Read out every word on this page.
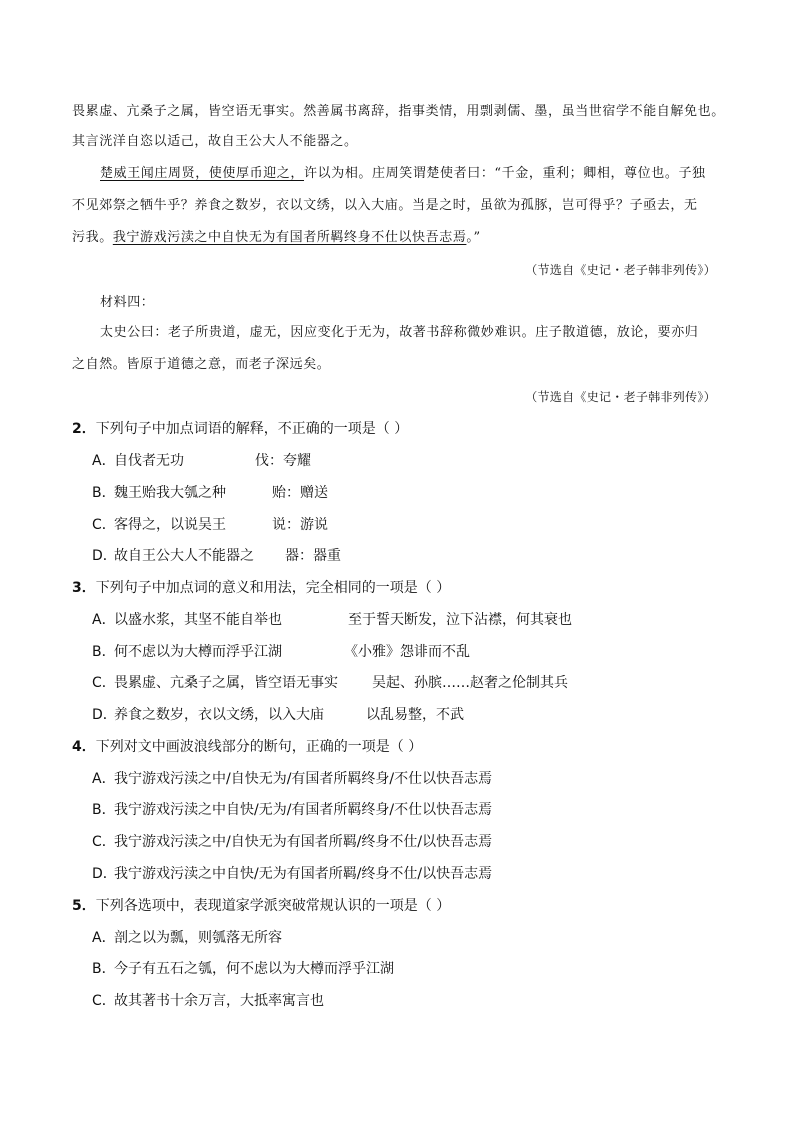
畏累虚、亢桑子之属，皆空语无事实。然善属书离辞，指事类情，用剽剥儒、墨，虽当世宿学不能自解免也。

其言洸洋自恣以适己，故自王公大人不能器之。

楚威王闻庄周贤，使使厚币迎之，许以为相。庄周笑谓楚使者曰：“千金，重利；卿相，尊位也。子独

不见郊祭之牺牛乎？养食之数岁，衣以文绣，以入大庙。当是之时，虽欲为孤豚，岂可得乎？子亟去，无

污我。我宁游戏污渎之中自快无为有国者所羁终身不仕以快吾志焉。”

（节选自《史记・老子韩非列传》）

材料四：

太史公曰：老子所贵道，虚无，因应变化于无为，故著书辞称微妙难识。庄子散道德，放论，要亦归

之自然。皆原于道德之意，而老子深远矣。

（节选自《史记・老子韩非列传》）

2．下列句子中加点词语的解释，不正确的一项是（ ）

A．自伐者无功	伐：夸耀
B．魏王贻我大瓠之种	贻：赠送
C．客得之，以说吴王	说：游说
D．故自王公大人不能器之 器：器重

3．下列句子中加点词的意义和用法，完全相同的一项是（ ）

A．以盛水浆，其坚不能自举也	至于誓天断发，泣下沾襟，何其衰也
B．何不虑以为大樽而浮乎江湖	《小雅》怨诽而不乱
C．畏累虚、亢桑子之属，皆空语无事实 吴起、孙膑……赵奢之伦制其兵
D．养食之数岁，衣以文绣，以入大庙	以乱易整，不武

4．下列对文中画波浪线部分的断句，正确的一项是（ ）

A．我宁游戏污渎之中/自快无为/有国者所羁终身/不仕以快吾志焉
B．我宁游戏污渎之中自快/无为/有国者所羁终身/不仕以快吾志焉
C．我宁游戏污渎之中/自快无为有国者所羁/终身不仕/以快吾志焉
D．我宁游戏污渎之中自快/无为有国者所羁/终身不仕/以快吾志焉

5．下列各选项中，表现道家学派突破常规认识的一项是（ ）

A．剖之以为瓢，则瓠落无所容
B．今子有五石之瓠，何不虑以为大樽而浮乎江湖
C．故其著书十余万言，大抵率寓言也
